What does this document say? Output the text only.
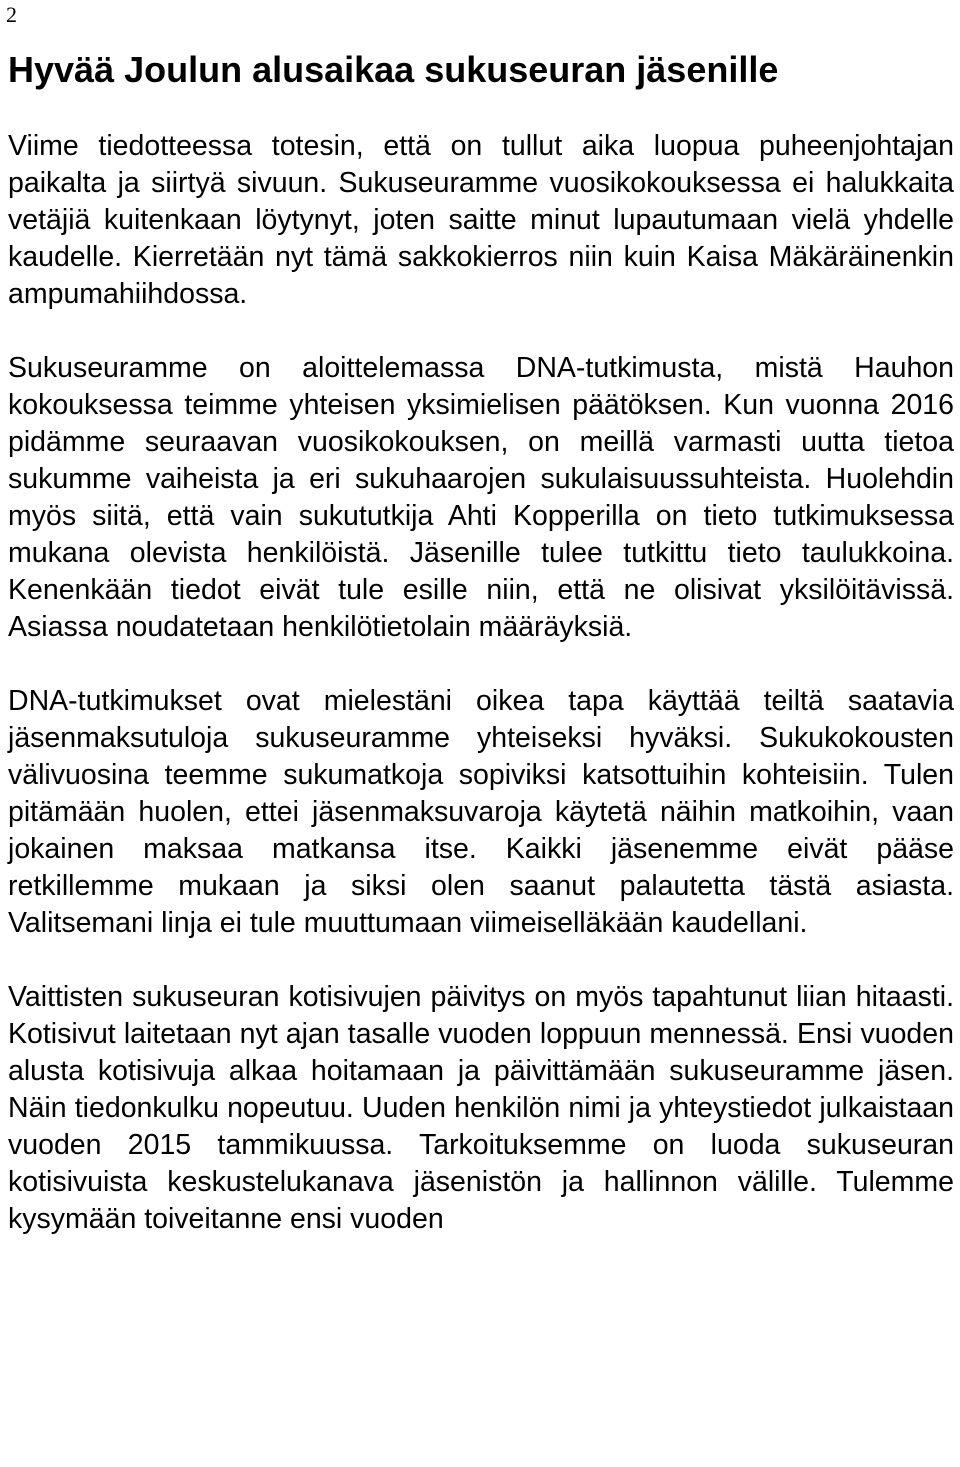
2
Hyvää Joulun alusaikaa sukuseuran jäsenille

Viime tiedotteessa totesin, että on tullut aika luopua puheenjohtajan paikalta ja siirtyä sivuun. Sukuseuramme vuosikokouksessa ei halukkaita vetäjiä kuitenkaan löytynyt, joten saitte minut lupautumaan vielä yhdelle kaudelle. Kierretään nyt tämä sakkokierros niin kuin Kaisa Mäkäräinenkin ampumahiihdossa.

Sukuseuramme on aloittelemassa DNA-tutkimusta, mistä Hauhon kokouksessa teimme yhteisen yksimielisen päätöksen. Kun vuonna 2016 pidämme seuraavan vuosikokouksen, on meillä varmasti uutta tietoa sukumme vaiheista ja eri sukuhaarojen sukulaisuussuhteista. Huolehdin myös siitä, että vain sukututkija Ahti Kopperilla on tieto tutkimuksessa mukana olevista henkilöistä. Jäsenille tulee tutkittu tieto taulukkoina. Kenenkään tiedot eivät tule esille niin, että ne olisivat yksilöitävissä. Asiassa noudatetaan henkilötietolain määräyksiä.

DNA-tutkimukset ovat mielestäni oikea tapa käyttää teiltä saatavia jäsenmaksutuloja sukuseuramme yhteiseksi hyväksi. Sukukokousten välivuosina teemme sukumatkoja sopiviksi katsottuihin kohteisiin. Tulen pitämään huolen, ettei jäsenmaksuvaroja käytetä näihin matkoihin, vaan jokainen maksaa matkansa itse. Kaikki jäsenemme eivät pääse retkillemme mukaan ja siksi olen saanut palautetta tästä asiasta. Valitsemani linja ei tule muuttumaan viimeiselläkään kaudellani.

Vaittisten sukuseuran kotisivujen päivitys on myös tapahtunut liian hitaasti. Kotisivut laitetaan nyt ajan tasalle vuoden loppuun mennessä. Ensi vuoden alusta kotisivuja alkaa hoitamaan ja päivittämään sukuseuramme jäsen. Näin tiedonkulku nopeutuu. Uuden henkilön nimi ja yhteystiedot julkaistaan vuoden 2015 tammikuussa. Tarkoituksemme on luoda sukuseuran kotisivuista keskustelukanava jäsenistön ja hallinnon välille. Tulemme kysymään toiveitanne ensi vuoden
